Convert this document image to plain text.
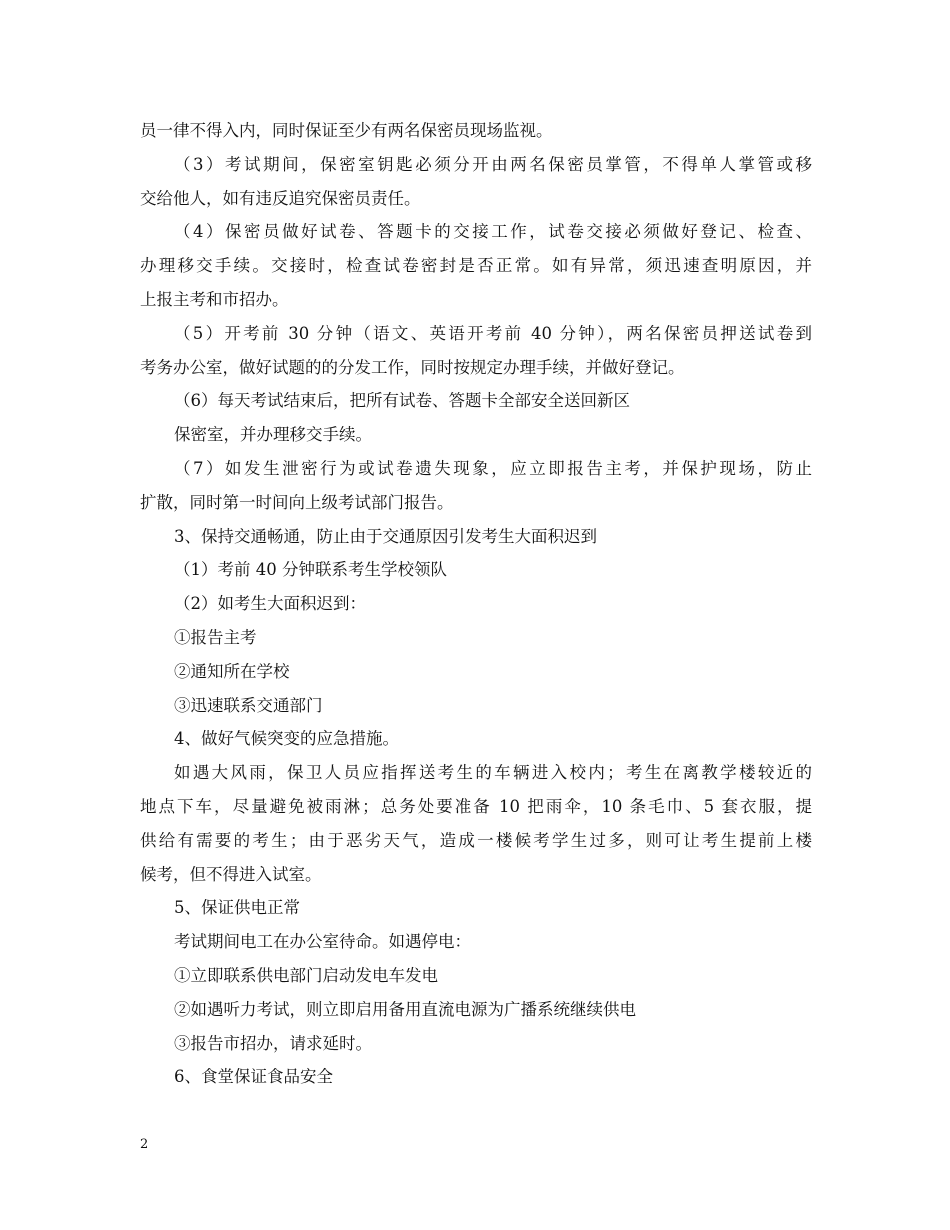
员一律不得入内，同时保证至少有两名保密员现场监视。
（3）考试期间，保密室钥匙必须分开由两名保密员掌管，不得单人掌管或移
交给他人，如有违反追究保密员责任。
（4）保密员做好试卷、答题卡的交接工作，试卷交接必须做好登记、检查、
办理移交手续。交接时，检查试卷密封是否正常。如有异常，须迅速查明原因，并
上报主考和市招办。
（5）开考前 30 分钟（语文、英语开考前 40 分钟），两名保密员押送试卷到
考务办公室，做好试题的的分发工作，同时按规定办理手续，并做好登记。
（6）每天考试结束后，把所有试卷、答题卡全部安全送回新区
保密室，并办理移交手续。
（7）如发生泄密行为或试卷遗失现象，应立即报告主考，并保护现场，防止
扩散，同时第一时间向上级考试部门报告。
3、保持交通畅通，防止由于交通原因引发考生大面积迟到
（1）考前 40 分钟联系考生学校领队
（2）如考生大面积迟到：
①报告主考
②通知所在学校
③迅速联系交通部门
4、做好气候突变的应急措施。
如遇大风雨，保卫人员应指挥送考生的车辆进入校内；考生在离教学楼较近的
地点下车，尽量避免被雨淋；总务处要准备 10 把雨伞，10 条毛巾、5 套衣服，提
供给有需要的考生；由于恶劣天气，造成一楼候考学生过多，则可让考生提前上楼
候考，但不得进入试室。
5、保证供电正常
考试期间电工在办公室待命。如遇停电：
①立即联系供电部门启动发电车发电
②如遇听力考试，则立即启用备用直流电源为广播系统继续供电
③报告市招办，请求延时。
6、食堂保证食品安全
2
